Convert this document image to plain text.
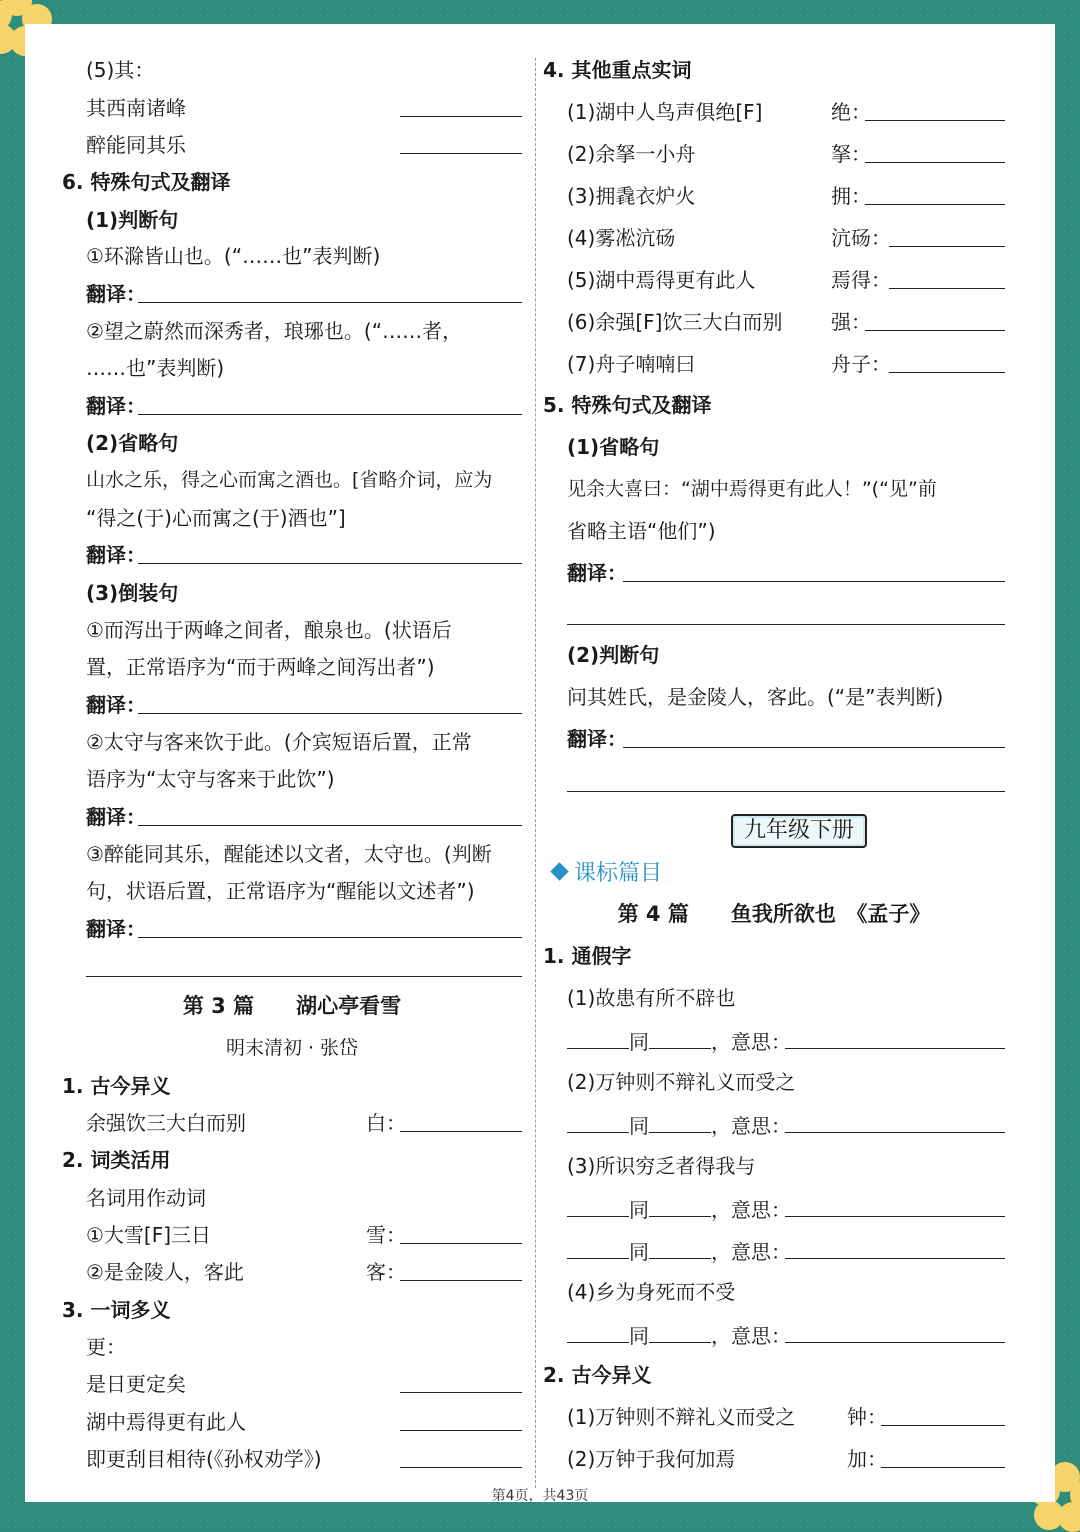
(5)其：
其西南诸峰
醉能同其乐
6. 特殊句式及翻译
(1)判断句
①环滁皆山也。(“……也”表判断)
翻译：
②望之蔚然而深秀者，琅琊也。(“……者，
……也”表判断)
翻译：
(2)省略句
山水之乐，得之心而寓之酒也。[省略介词，应为
“得之(于)心而寓之(于)酒也”]
翻译：
(3)倒装句
①而泻出于两峰之间者，酿泉也。(状语后
置，正常语序为“而于两峰之间泻出者”)
翻译：
②太守与客来饮于此。(介宾短语后置，正常
语序为“太守与客来于此饮”)
翻译：
③醉能同其乐，醒能述以文者，太守也。(判断
句，状语后置，正常语序为“醒能以文述者”)
翻译：
第 3 篇　　湖心亭看雪
明末清初 · 张岱
1. 古今异义
余强饮三大白而别	白：
2. 词类活用
名词用作动词
①大雪[F]三日	雪：
②是金陵人，客此	客：
3. 一词多义
更：
是日更定矣
湖中焉得更有此人
即更刮目相待(《孙权劝学》)
4. 其他重点实词
(1)湖中人鸟声俱绝[F]	绝：
(2)余拏一小舟	拏：
(3)拥毳衣炉火	拥：
(4)雾凇沆砀	沆砀：
(5)湖中焉得更有此人	焉得：
(6)余强[F]饮三大白而别 强：
(7)舟子喃喃曰	舟子：
5. 特殊句式及翻译
(1)省略句
见余大喜曰：“湖中焉得更有此人！”(“见”前
省略主语“他们”)
翻译：
(2)判断句
问其姓氏，是金陵人，客此。(“是”表判断)
翻译：
九年级下册
课标篇目
第 4 篇　　鱼我所欲也　《孟子》
1. 通假字
(1)故患有所不辟也
同	，意思：
(2)万钟则不辩礼义而受之
同	，意思：
(3)所识穷乏者得我与
同	，意思：
同	，意思：
(4)乡为身死而不受
同	，意思：
2. 古今异义
(1)万钟则不辩礼义而受之	钟：
(2)万钟于我何加焉	加：
第4页，共43页
